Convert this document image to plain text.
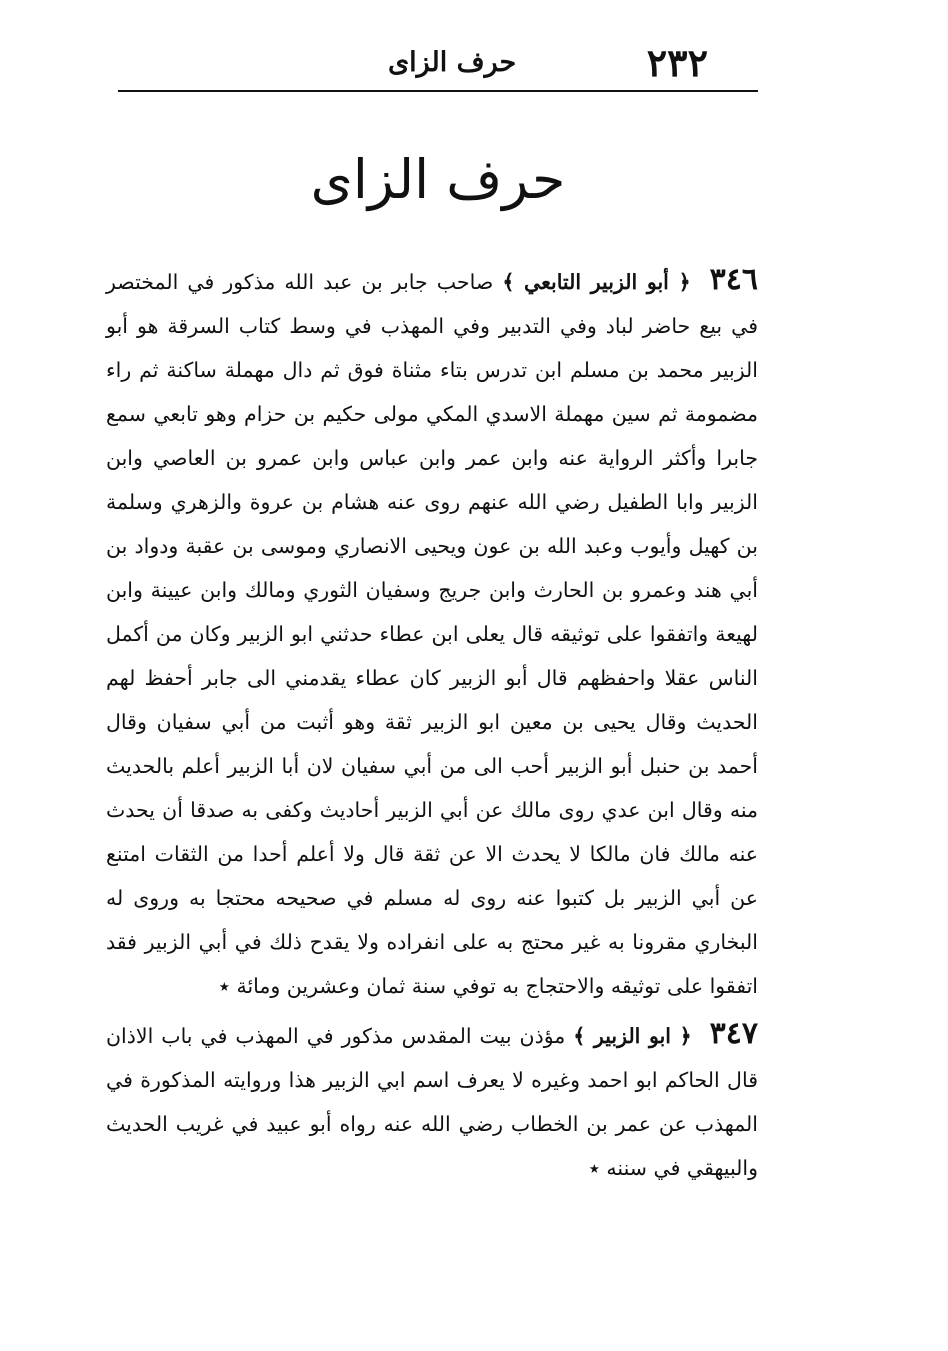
٢٣٢
حرف الزاى
حرف الزاى

٣٤٦ ﴿ أبو الزبير التابعي ﴾ صاحب جابر بن عبد الله مذكور في المختصر في بيع حاضر لباد وفي التدبير وفي المهذب في وسط كتاب السرقة هو أبو الزبير محمد بن مسلم ابن تدرس بتاء مثناة فوق ثم دال مهملة ساكنة ثم راء مضمومة ثم سين مهملة الاسدي المكي مولى حكيم بن حزام وهو تابعي سمع جابرا وأكثر الرواية عنه وابن عمر وابن عباس وابن عمرو بن العاصي وابن الزبير وابا الطفيل رضي الله عنهم روى عنه هشام بن عروة والزهري وسلمة بن كهيل وأيوب وعبد الله بن عون ويحيى الانصاري وموسى بن عقبة ودواد بن أبي هند وعمرو بن الحارث وابن جريج وسفيان الثوري ومالك وابن عيينة وابن لهيعة واتفقوا على توثيقه قال يعلى ابن عطاء حدثني ابو الزبير وكان من أكمل الناس عقلا واحفظهم قال أبو الزبير كان عطاء يقدمني الى جابر أحفظ لهم الحديث وقال يحيى بن معين ابو الزبير ثقة وهو أثبت من أبي سفيان وقال أحمد بن حنبل أبو الزبير أحب الى من أبي سفيان لان أبا الزبير أعلم بالحديث منه وقال ابن عدي روى مالك عن أبي الزبير أحاديث وكفى به صدقا أن يحدث عنه مالك فان مالكا لا يحدث الا عن ثقة قال ولا أعلم أحدا من الثقات امتنع عن أبي الزبير بل كتبوا عنه روى له مسلم في صحيحه محتجا به وروى له البخاري مقرونا به غير محتج به على انفراده ولا يقدح ذلك في أبي الزبير فقد اتفقوا على توثيقه والاحتجاج به توفي سنة ثمان وعشرين ومائة ٭

٣٤٧ ﴿ ابو الزبير ﴾ مؤذن بيت المقدس مذكور في المهذب في باب الاذان قال الحاكم ابو احمد وغيره لا يعرف اسم ابي الزبير هذا وروايته المذكورة في المهذب عن عمر بن الخطاب رضي الله عنه رواه أبو عبيد في غريب الحديث والبيهقي في سننه ٭
